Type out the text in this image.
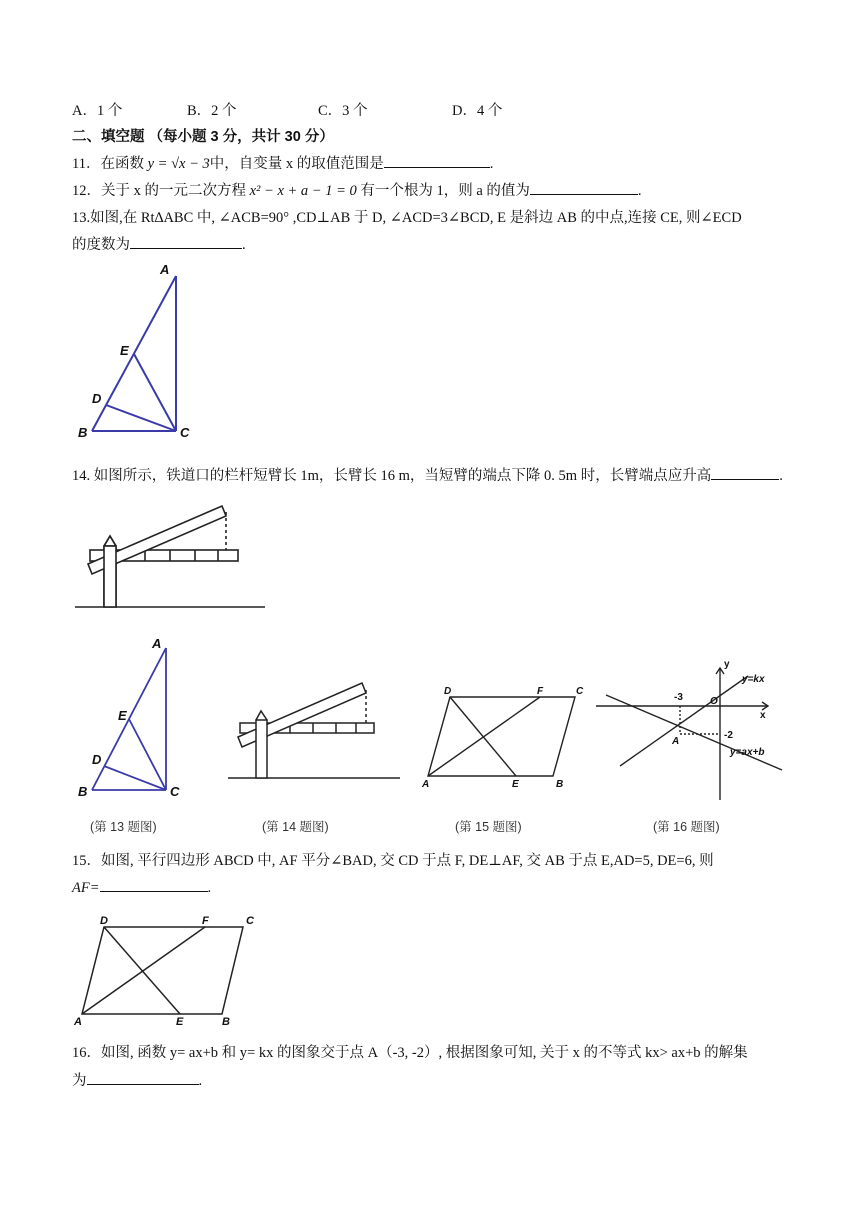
A．1 个	B．2 个	C．3 个	D．4 个
二、填空题 （每小题 3 分，共计 30 分）
11．在函数 y = √x − 3中，自变量 x 的取值范围是	.
12．关于 x 的一元二次方程 x² − x + a − 1 = 0 有一个根为 1，则 a 的值为	.
13.如图,在 Rt∆ABC 中, ∠ACB=90° ,CD⊥AB 于 D, ∠ACD=3∠BCD, E 是斜边 AB 的中点,连接 CE, 则∠ECD
的度数为	.
A
E
D
B	C
14. 如图所示，铁道口的栏杆短臂长 1m，长臂长 16 m，当短臂的端点下降 0. 5m 时，长臂端点应升高	.
A
E
D
B	C
D	F	C
A	E	B
y
x
O
-3
-2
A
y=kx
y=ax+b
(第 13 题图)	(第 14 题图)	(第 15 题图)	(第 16 题图)
15．如图, 平行四边形 ABCD 中, AF 平分∠BAD, 交 CD 于点 F, DE⊥AF, 交 AB 于点 E,AD=5, DE=6, 则
AF=	.
D	F	C
A	E	B
16．如图, 函数 y= ax+b 和 y= kx 的图象交于点 A（-3, -2）, 根据图象可知, 关于 x 的不等式 kx> ax+b 的解集
为	.
